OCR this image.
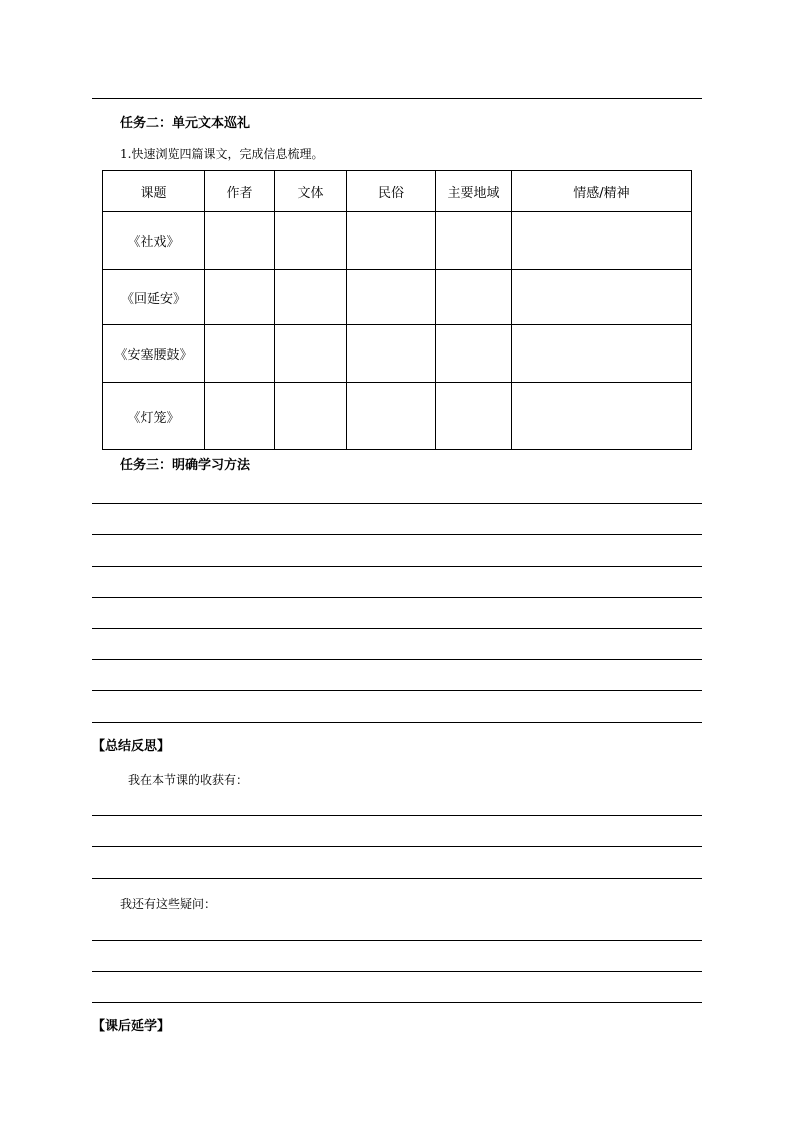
任务二：单元文本巡礼
1.快速浏览四篇课文，完成信息梳理。
课题	作者	文体	民俗	主要地域	情感/精神
《社戏》					
《回延安》					
《安塞腰鼓》					
《灯笼》					
任务三：明确学习方法
【总结反思】
我在本节课的收获有：
我还有这些疑问：
【课后延学】
